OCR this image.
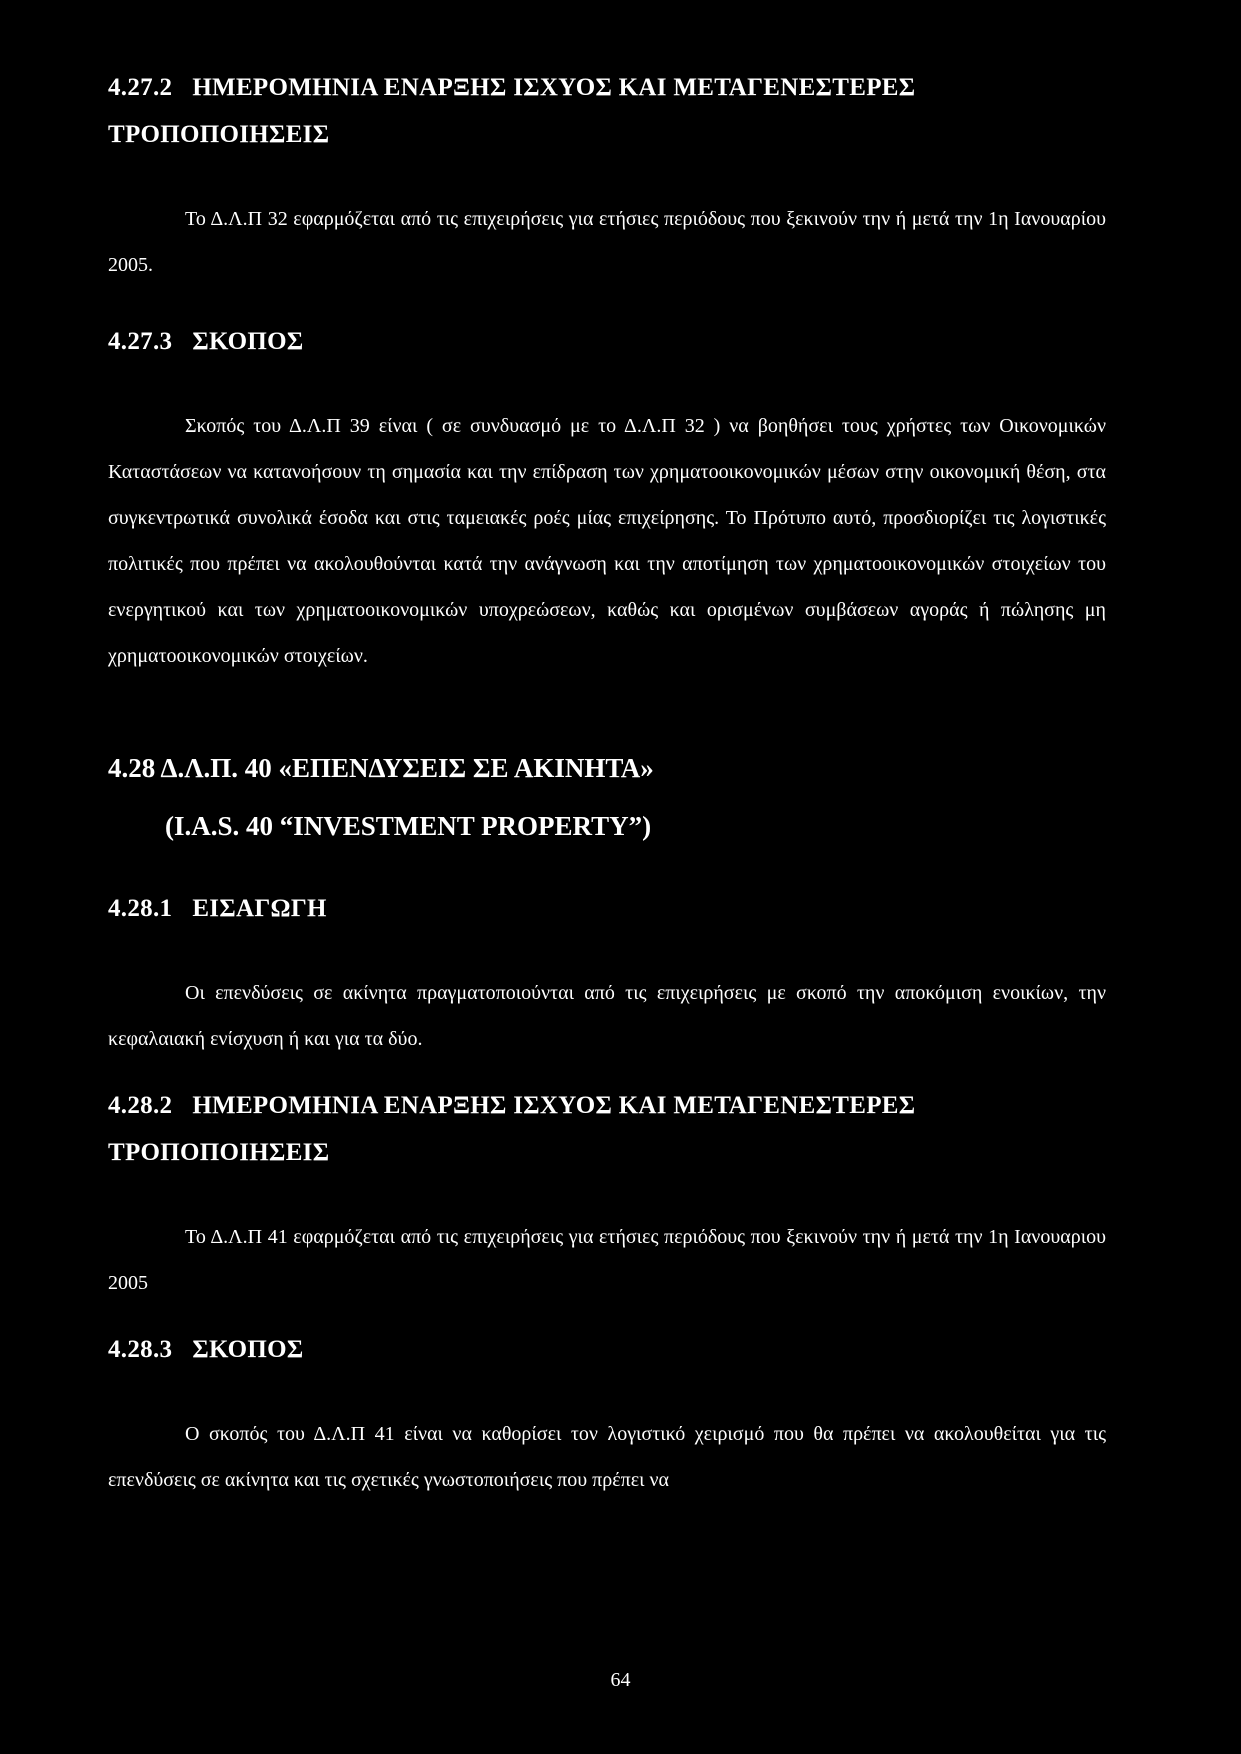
4.27.2 ΗΜΕΡΟΜΗΝΙΑ ΕΝΑΡΞΗΣ ΙΣΧΥΟΣ ΚΑΙ ΜΕΤΑΓΕΝΕΣΤΕΡΕΣ
ΤΡΟΠΟΠΟΙΗΣΕΙΣ

Το Δ.Λ.Π 32 εφαρμόζεται από τις επιχειρήσεις για ετήσιες περιόδους που ξεκινούν την ή μετά την 1η Ιανουαρίου 2005.

4.27.3 ΣΚΟΠΟΣ

Σκοπός του Δ.Λ.Π 39 είναι ( σε συνδυασμό με το Δ.Λ.Π 32 ) να βοηθήσει τους χρήστες των Οικονομικών Καταστάσεων να κατανοήσουν τη σημασία και την επίδραση των χρηματοοικονομικών μέσων στην οικονομική θέση, στα συγκεντρωτικά συνολικά έσοδα και στις ταμειακές ροές μίας επιχείρησης. Το Πρότυπο αυτό, προσδιορίζει τις λογιστικές πολιτικές που πρέπει να ακολουθούνται κατά την ανάγνωση και την αποτίμηση των χρηματοοικονομικών στοιχείων του ενεργητικού και των χρηματοοικονομικών υποχρεώσεων, καθώς και ορισμένων συμβάσεων αγοράς ή πώλησης μη χρηματοοικονομικών στοιχείων.

4.28 Δ.Λ.Π. 40 «ΕΠΕΝΔΥΣΕΙΣ ΣΕ ΑΚΙΝΗΤΑ»
(I.A.S. 40 “INVESTMENT PROPERTY”)
4.28.1 ΕΙΣΑΓΩΓΗ

Οι επενδύσεις σε ακίνητα πραγματοποιούνται από τις επιχειρήσεις με σκοπό την αποκόμιση ενοικίων, την κεφαλαιακή ενίσχυση ή και για τα δύο.

4.28.2 ΗΜΕΡΟΜΗΝΙΑ ΕΝΑΡΞΗΣ ΙΣΧΥΟΣ ΚΑΙ ΜΕΤΑΓΕΝΕΣΤΕΡΕΣ
ΤΡΟΠΟΠΟΙΗΣΕΙΣ

Το Δ.Λ.Π 41 εφαρμόζεται από τις επιχειρήσεις για ετήσιες περιόδους που ξεκινούν την ή μετά την 1η Ιανουαριου 2005

4.28.3 ΣΚΟΠΟΣ

Ο σκοπός του Δ.Λ.Π 41 είναι να καθορίσει τον λογιστικό χειρισμό που θα πρέπει να ακολουθείται για τις επενδύσεις σε ακίνητα και τις σχετικές γνωστοποιήσεις που πρέπει να

64
